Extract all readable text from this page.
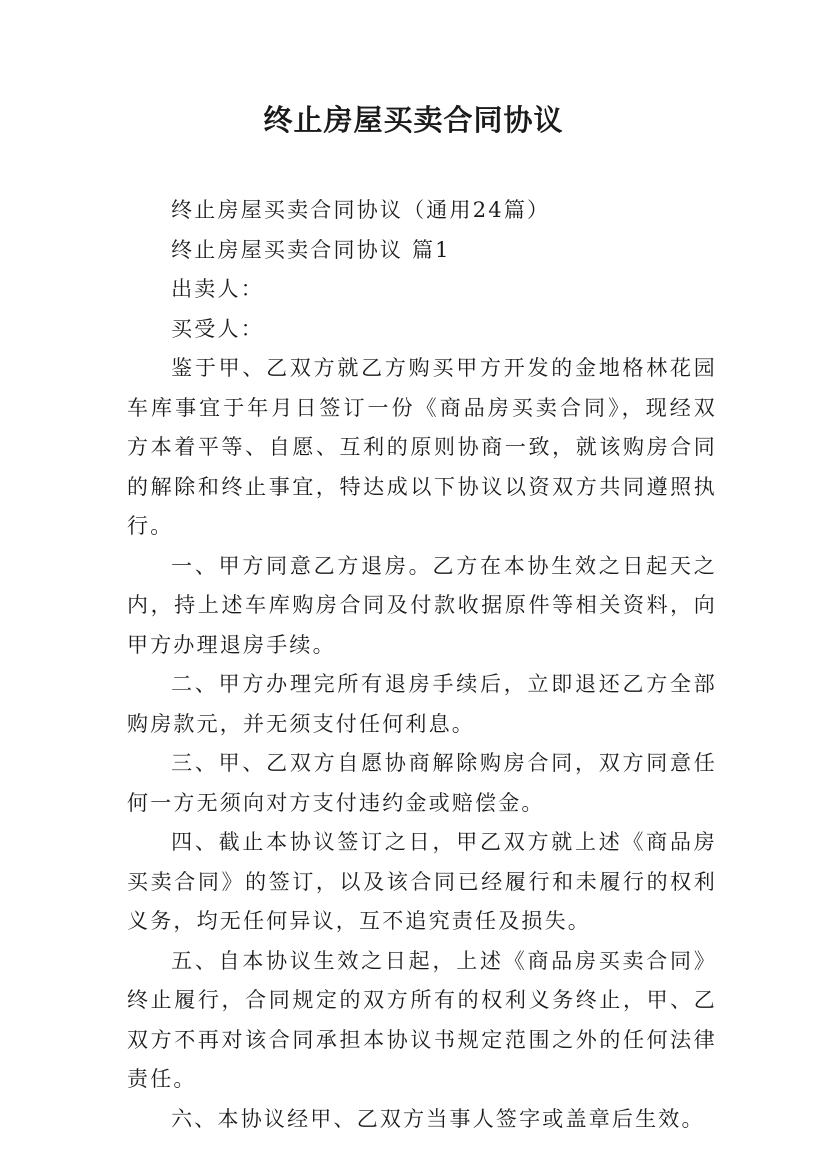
终止房屋买卖合同协议

终止房屋买卖合同协议（通用24篇）

终止房屋买卖合同协议 篇1

出卖人：

买受人：

鉴于甲、乙双方就乙方购买甲方开发的金地格林花园车库事宜于年月日签订一份《商品房买卖合同》，现经双方本着平等、自愿、互利的原则协商一致，就该购房合同的解除和终止事宜，特达成以下协议以资双方共同遵照执行。

一、甲方同意乙方退房。乙方在本协生效之日起天之内，持上述车库购房合同及付款收据原件等相关资料，向甲方办理退房手续。

二、甲方办理完所有退房手续后，立即退还乙方全部购房款元，并无须支付任何利息。

三、甲、乙双方自愿协商解除购房合同，双方同意任何一方无须向对方支付违约金或赔偿金。

四、截止本协议签订之日，甲乙双方就上述《商品房买卖合同》的签订，以及该合同已经履行和未履行的权利义务，均无任何异议，互不追究责任及损失。

五、自本协议生效之日起，上述《商品房买卖合同》终止履行，合同规定的双方所有的权利义务终止，甲、乙双方不再对该合同承担本协议书规定范围之外的任何法律责任。

六、本协议经甲、乙双方当事人签字或盖章后生效。
